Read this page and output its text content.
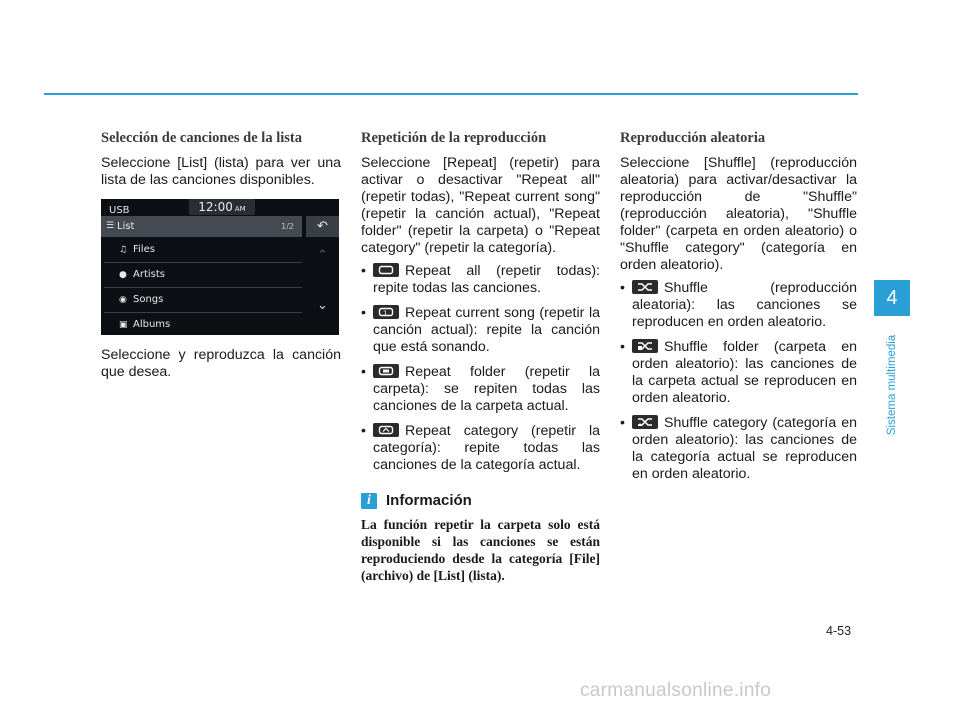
Selección de canciones de la lista

Seleccione [List] (lista) para ver una lista de las canciones disponibles.

USB	12:00 AM
☰ List	1/2	↶
♫ Files
● Artists
◉ Songs
▣ Albums
⌃
⌄

Seleccione y reproduzca la canción que desea.

Repetición de la reproducción

Seleccione [Repeat] (repetir) para activar o desactivar "Repeat all" (repetir todas), "Repeat current song" (repetir la canción actual), "Repeat folder" (repetir la carpeta) o "Repeat category" (repetir la categoría).

•	Repeat all (repetir todas): repite todas las canciones.
• 1 Repeat current song (repetir la canción actual): repite la canción que está sonando.
•	Repeat folder (repetir la carpeta): se repiten todas las canciones de la carpeta actual.
•	Repeat category (repetir la categoría): repite todas las canciones de la categoría actual.
i	Información
La función repetir la carpeta solo está disponible si las canciones se están reproduciendo desde la categoría [File] (archivo) de [List] (lista).
Reproducción aleatoria

Seleccione [Shuffle] (reproducción aleatoria) para activar/desactivar la reproducción de "Shuffle" (reproducción aleatoria), "Shuffle folder" (carpeta en orden aleatorio) o "Shuffle category" (categoría en orden aleatorio).

•	Shuffle (reproducción aleatoria): las canciones se reproducen en orden aleatorio.
•	Shuffle folder (carpeta en orden aleatorio): las canciones de la carpeta actual se reproducen en orden aleatorio.
•	Shuffle category (categoría en orden aleatorio): las canciones de la categoría actual se reproducen en orden aleatorio.
4
Sistema multimedia
4-53
carmanualsonline.info
